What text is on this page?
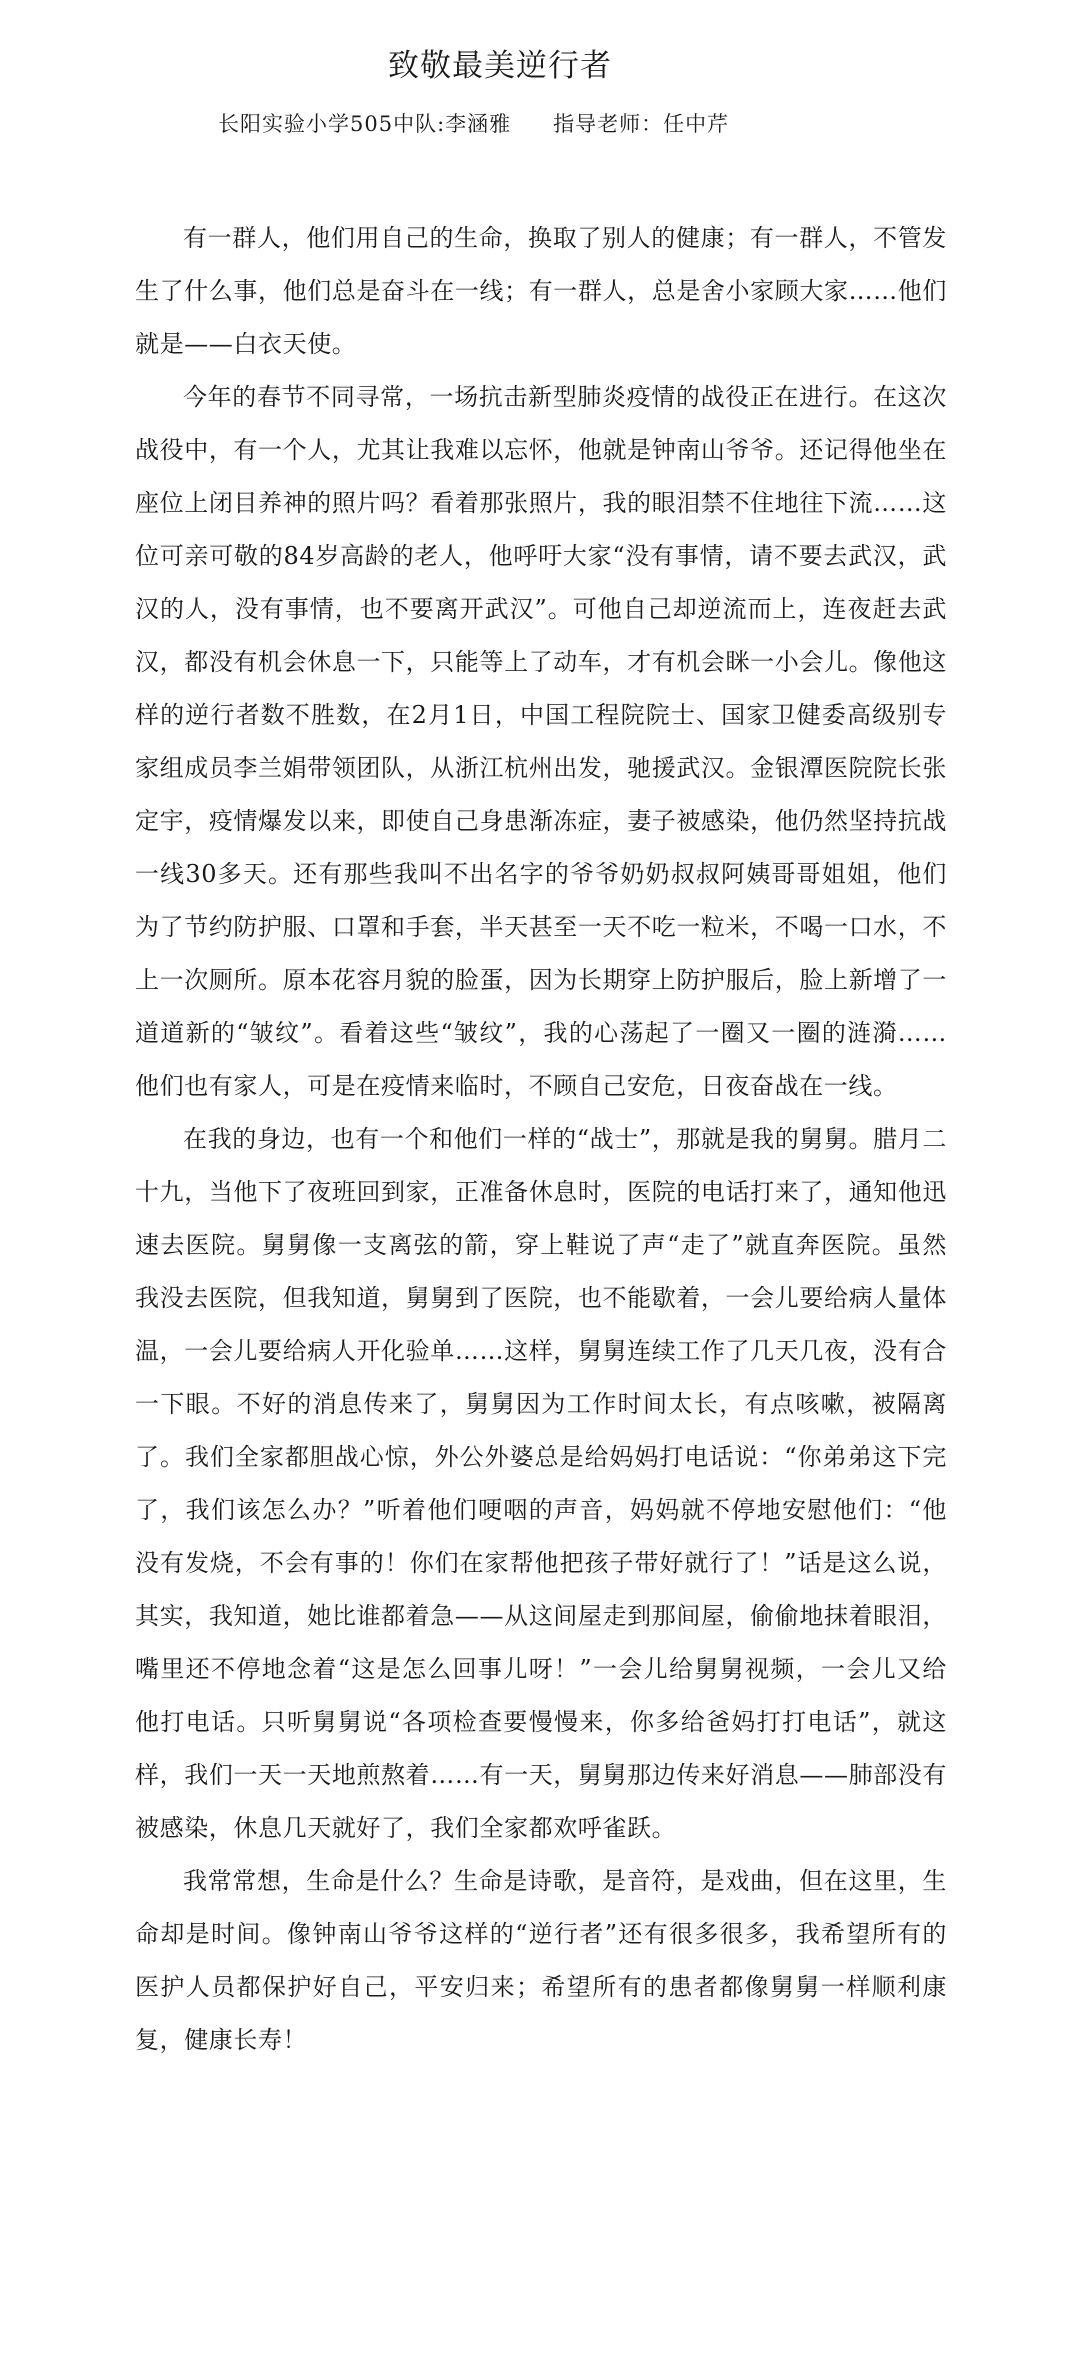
致敬最美逆行者
长阳实验小学505中队:李涵雅 指导老师：任中芹

有一群人，他们用自己的生命，换取了别人的健康；有一群人，不管发生了什么事，他们总是奋斗在一线；有一群人，总是舍小家顾大家……他们就是——白衣天使。

今年的春节不同寻常，一场抗击新型肺炎疫情的战役正在进行。在这次战役中，有一个人，尤其让我难以忘怀，他就是钟南山爷爷。还记得他坐在座位上闭目养神的照片吗？看着那张照片，我的眼泪禁不住地往下流……这位可亲可敬的84岁高龄的老人，他呼吁大家“没有事情，请不要去武汉，武汉的人，没有事情，也不要离开武汉”。可他自己却逆流而上，连夜赶去武汉，都没有机会休息一下，只能等上了动车，才有机会眯一小会儿。像他这样的逆行者数不胜数，在2月1日，中国工程院院士、国家卫健委高级别专家组成员李兰娟带领团队，从浙江杭州出发，驰援武汉。金银潭医院院长张定宇，疫情爆发以来，即使自己身患渐冻症，妻子被感染，他仍然坚持抗战一线30多天。还有那些我叫不出名字的爷爷奶奶叔叔阿姨哥哥姐姐，他们为了节约防护服、口罩和手套，半天甚至一天不吃一粒米，不喝一口水，不上一次厕所。原本花容月貌的脸蛋，因为长期穿上防护服后，脸上新增了一道道新的“皱纹”。看着这些“皱纹”，我的心荡起了一圈又一圈的涟漪……他们也有家人，可是在疫情来临时，不顾自己安危，日夜奋战在一线。

在我的身边，也有一个和他们一样的“战士”，那就是我的舅舅。腊月二十九，当他下了夜班回到家，正准备休息时，医院的电话打来了，通知他迅速去医院。舅舅像一支离弦的箭，穿上鞋说了声“走了”就直奔医院。虽然我没去医院，但我知道，舅舅到了医院，也不能歇着，一会儿要给病人量体温，一会儿要给病人开化验单……这样，舅舅连续工作了几天几夜，没有合一下眼。不好的消息传来了，舅舅因为工作时间太长，有点咳嗽，被隔离了。我们全家都胆战心惊，外公外婆总是给妈妈打电话说：“你弟弟这下完了，我们该怎么办？”听着他们哽咽的声音，妈妈就不停地安慰他们：“他没有发烧，不会有事的！你们在家帮他把孩子带好就行了！”话是这么说，其实，我知道，她比谁都着急——从这间屋走到那间屋，偷偷地抹着眼泪，嘴里还不停地念着“这是怎么回事儿呀！”一会儿给舅舅视频，一会儿又给他打电话。只听舅舅说“各项检查要慢慢来，你多给爸妈打打电话”，就这样，我们一天一天地煎熬着……有一天，舅舅那边传来好消息——肺部没有被感染，休息几天就好了，我们全家都欢呼雀跃。

我常常想，生命是什么？生命是诗歌，是音符，是戏曲，但在这里，生命却是时间。像钟南山爷爷这样的“逆行者”还有很多很多，我希望所有的医护人员都保护好自己，平安归来；希望所有的患者都像舅舅一样顺利康复，健康长寿！
